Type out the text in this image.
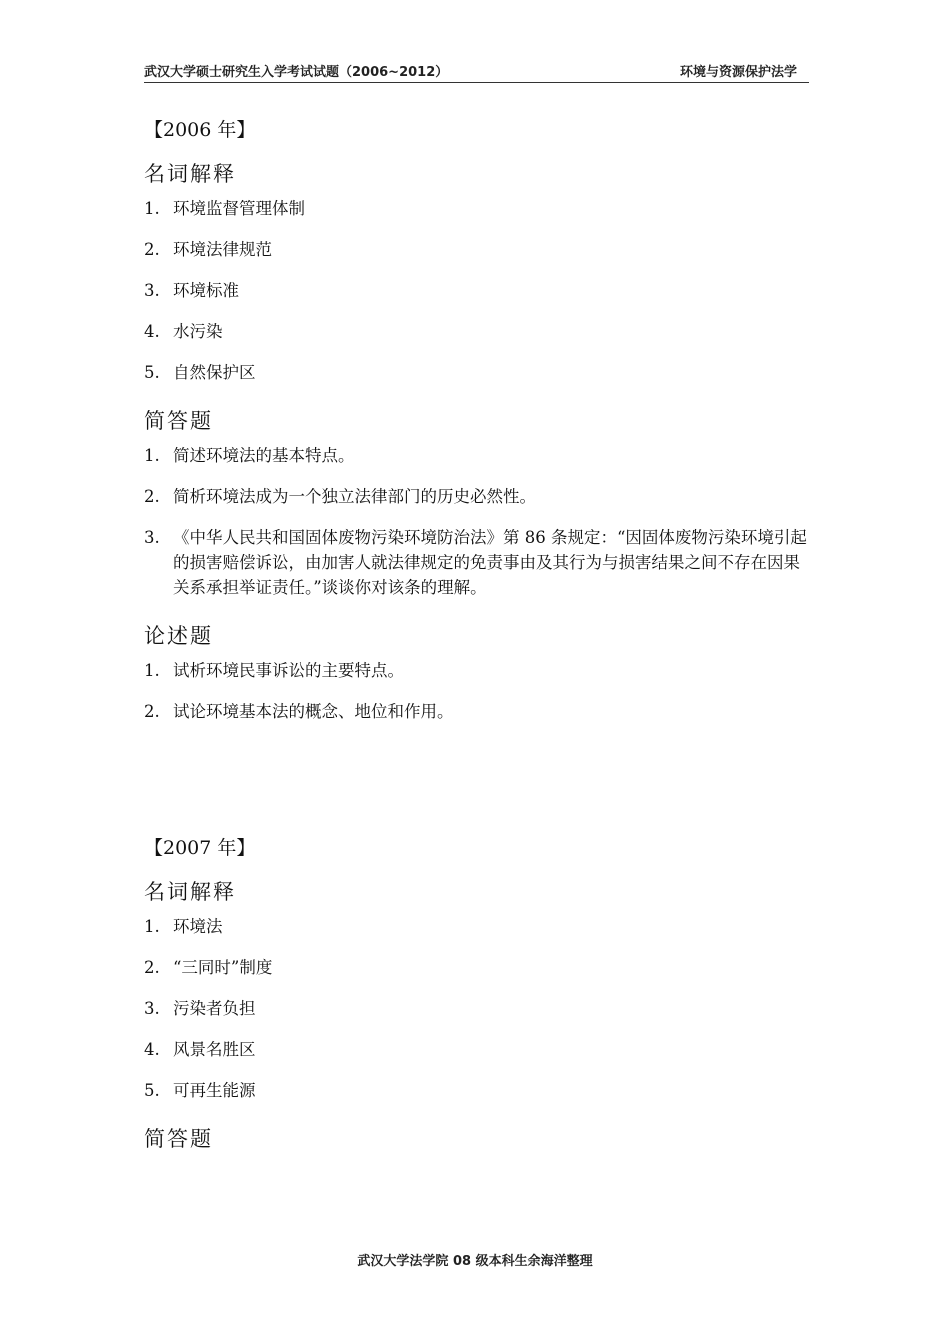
武汉大学硕士研究生入学考试试题（2006~2012）	环境与资源保护法学
【2006 年】
名词解释
1. 环境监督管理体制
2. 环境法律规范
3. 环境标准
4. 水污染
5. 自然保护区
简答题
1. 简述环境法的基本特点。
2. 简析环境法成为一个独立法律部门的历史必然性。
3. 《中华人民共和国固体废物污染环境防治法》第 86 条规定：“因固体废物污染环境引起的损害赔偿诉讼，由加害人就法律规定的免责事由及其行为与损害结果之间不存在因果关系承担举证责任。”谈谈你对该条的理解。
论述题
1. 试析环境民事诉讼的主要特点。
2. 试论环境基本法的概念、地位和作用。
【2007 年】
名词解释
1. 环境法
2. “三同时”制度
3. 污染者负担
4. 风景名胜区
5. 可再生能源
简答题
武汉大学法学院 08 级本科生余海洋整理
